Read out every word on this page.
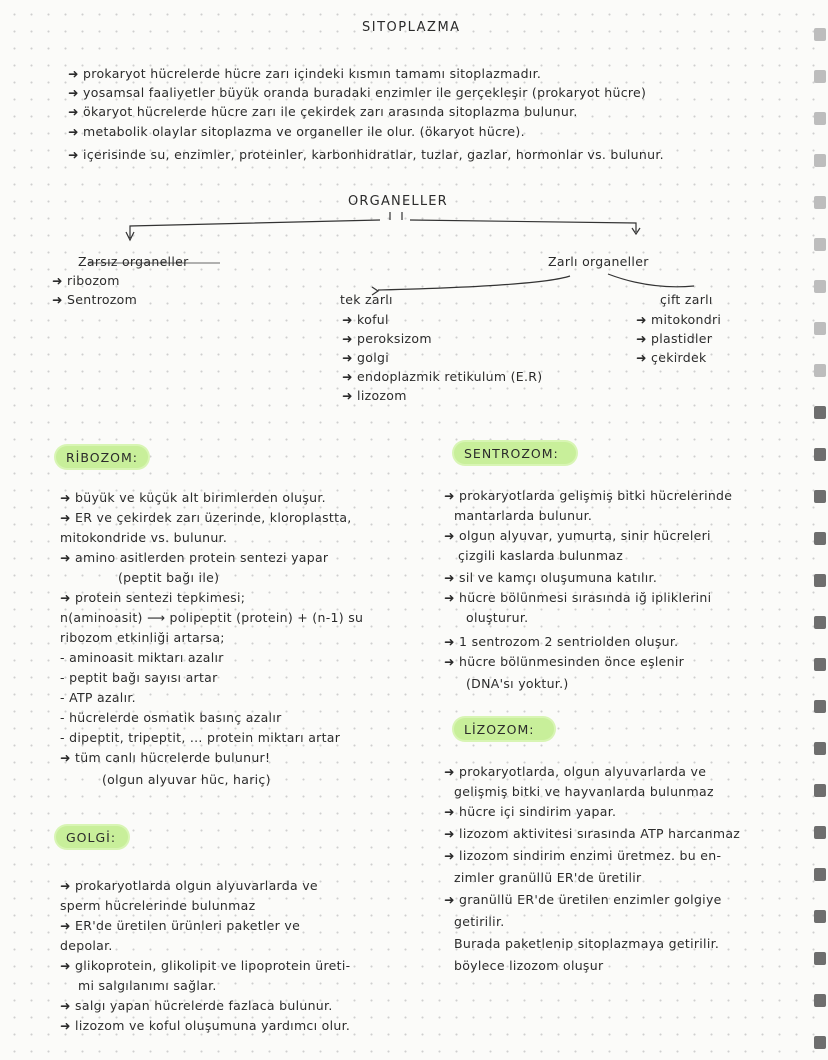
SITOPLAZMA
➜ prokaryot hücrelerde hücre zarı içindeki kısmın tamamı sitoplazmadır.
➜ yosamsal faaliyetler büyük oranda buradaki enzimler ile gerçekleşir (prokaryot hücre)
➜ ökaryot hücrelerde hücre zarı ile çekirdek zarı arasında sitoplazma bulunur.
➜ metabolik olaylar sitoplazma ve organeller ile olur. (ökaryot hücre).
➜ içerisinde su, enzimler, proteinler, karbonhidratlar, tuzlar, gazlar, hormonlar vs. bulunur.
ORGANELLER
Zarsız organeller
➜ ribozom
➜ Sentrozom
Zarlı organeller
tek zarlı
➜ koful
➜ peroksizom
➜ golgi
➜ endoplazmik retikulum (E.R)
➜ lizozom
çift zarlı
➜ mitokondri
➜ plastidler
➜ çekirdek
RİBOZOM:
➜ büyük ve küçük alt birimlerden oluşur.
➜ ER ve çekirdek zarı üzerinde, kloroplastta,
mitokondride vs. bulunur.
➜ amino asitlerden protein sentezi yapar
(peptit bağı ile)
➜ protein sentezi tepkimesi;
n(aminoasit) ⟶ polipeptit (protein) + (n-1) su
ribozom etkinliği artarsa;
- aminoasit miktarı azalır
- peptit bağı sayısı artar
- ATP azalır.
- hücrelerde osmatik basınç azalır
- dipeptit, tripeptit, ... protein miktarı artar
➜ tüm canlı hücrelerde bulunur!
(olgun alyuvar hüc, hariç)
GOLGİ:
➜ prokaryotlarda olgun alyuvarlarda ve
sperm hücrelerinde bulunmaz
➜ ER'de üretilen ürünleri paketler ve
depolar.
➜ glikoprotein, glikolipit ve lipoprotein üreti-
mi salgılanımı sağlar.
➜ salgı yapan hücrelerde fazlaca bulunur.
➜ lizozom ve koful oluşumuna yardımcı olur.
SENTROZOM:
➜ prokaryotlarda gelişmiş bitki hücrelerinde
mantarlarda bulunur.
➜ olgun alyuvar, yumurta, sinir hücreleri
çizgili kaslarda bulunmaz
➜ sil ve kamçı oluşumuna katılır.
➜ hücre bölünmesi sırasında iğ ipliklerini
oluşturur.
➜ 1 sentrozom 2 sentriolden oluşur.
➜ hücre bölünmesinden önce eşlenir
(DNA'sı yoktur.)
LİZOZOM:
➜ prokaryotlarda, olgun alyuvarlarda ve
gelişmiş bitki ve hayvanlarda bulunmaz
➜ hücre içi sindirim yapar.
➜ lizozom aktivitesi sırasında ATP harcanmaz
➜ lizozom sindirim enzimi üretmez. bu en-
zimler granüllü ER'de üretilir
➜ granüllü ER'de üretilen enzimler golgiye
getirilir.
Burada paketlenip sitoplazmaya getirilir.
böylece lizozom oluşur
